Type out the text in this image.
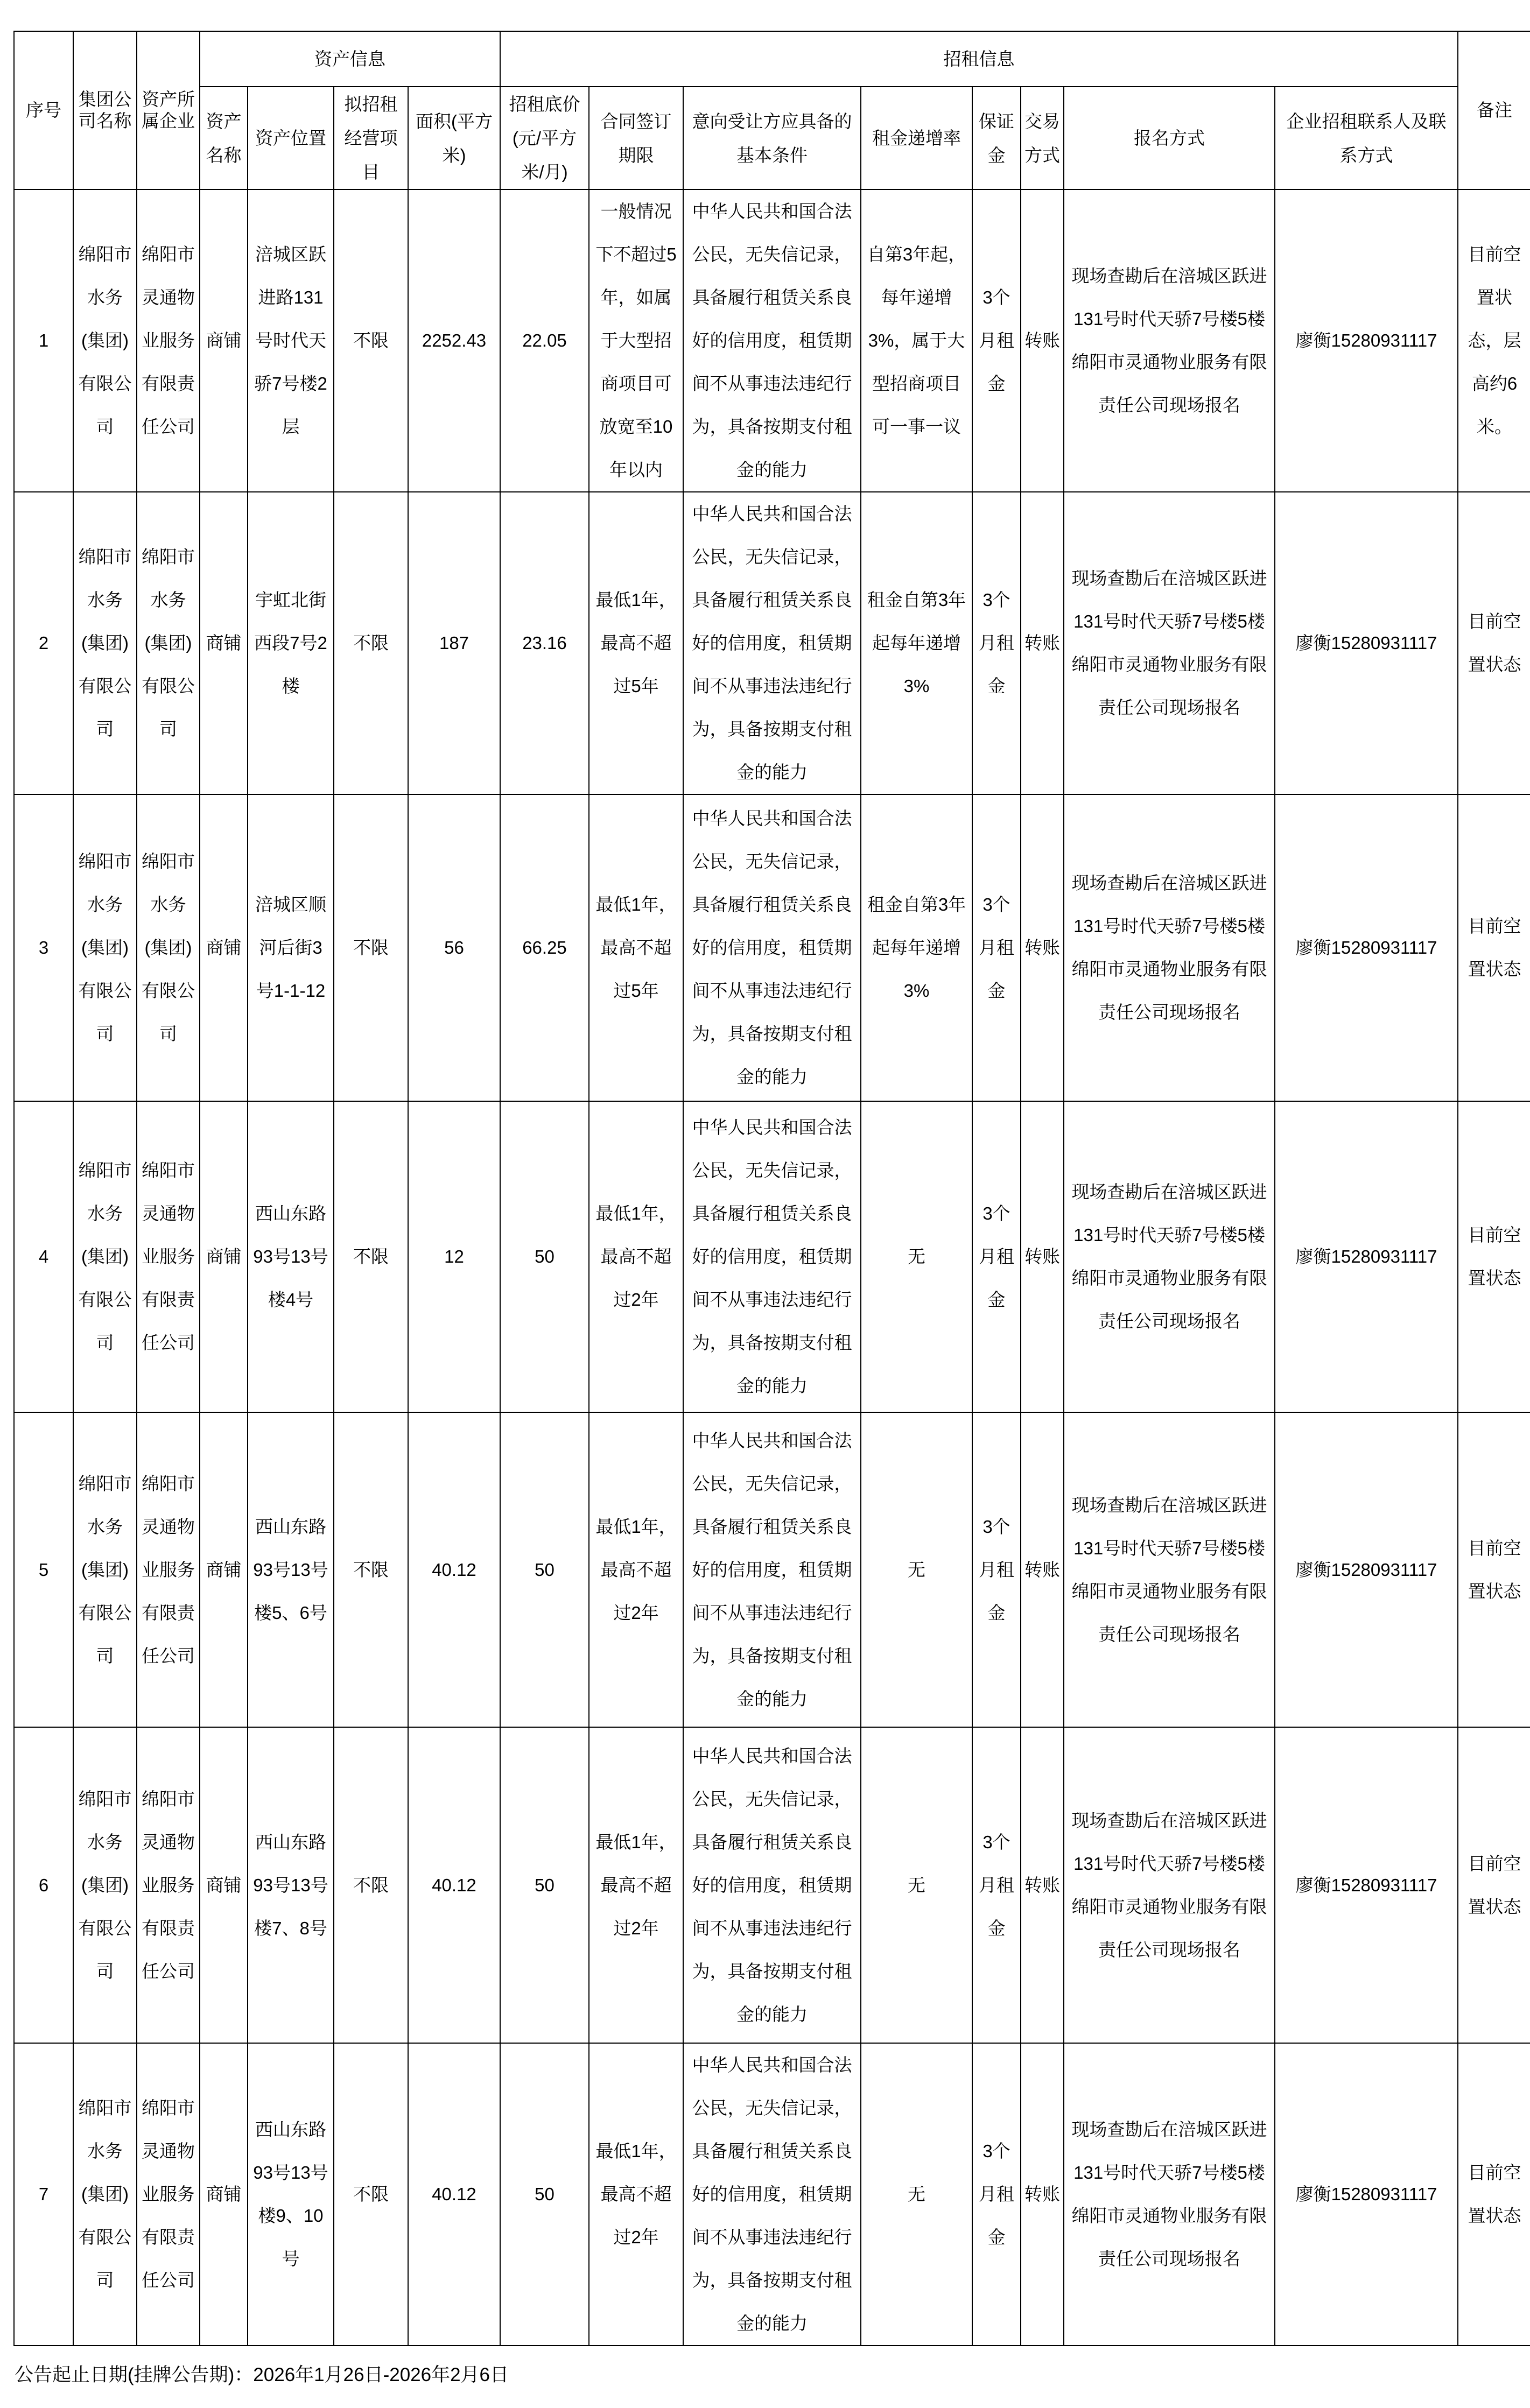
序号	集团公司名称	资产所属企业	资产信息				招租信息								备注
			资产名称	资产位置	拟招租经营项目	面积(平方米)	招租底价(元/平方米/月)	合同签订期限	意向受让方应具备的基本条件	租金递增率	保证金	交易方式	报名方式	企业招租联系人及联系方式	
1	绵阳市水务(集团)有限公司	绵阳市灵通物业服务有限责任公司	商铺	涪城区跃进路131号时代天骄7号楼2层	不限	2252.43	22.05	一般情况下不超过5年，如属于大型招商项目可放宽至10年以内	中华人民共和国合法公民，无失信记录，具备履行租赁关系良好的信用度，租赁期间不从事违法违纪行为，具备按期支付租金的能力	自第3年起，每年递增3%，属于大型招商项目可一事一议	3个月租金	转账	现场查勘后在涪城区跃进131号时代天骄7号楼5楼绵阳市灵通物业服务有限责任公司现场报名	廖衡15280931117	目前空置状态，层高约6米。
2	绵阳市水务(集团)有限公司	绵阳市水务(集团)有限公司	商铺	宇虹北街西段7号2楼	不限	187	23.16	最低1年，最高不超过5年	中华人民共和国合法公民，无失信记录，具备履行租赁关系良好的信用度，租赁期间不从事违法违纪行为，具备按期支付租金的能力	租金自第3年起每年递增3%	3个月租金	转账	现场查勘后在涪城区跃进131号时代天骄7号楼5楼绵阳市灵通物业服务有限责任公司现场报名	廖衡15280931117	目前空置状态
3	绵阳市水务(集团)有限公司	绵阳市水务(集团)有限公司	商铺	涪城区顺河后街3号1-1-12	不限	56	66.25	最低1年，最高不超过5年	中华人民共和国合法公民，无失信记录，具备履行租赁关系良好的信用度，租赁期间不从事违法违纪行为，具备按期支付租金的能力	租金自第3年起每年递增3%	3个月租金	转账	现场查勘后在涪城区跃进131号时代天骄7号楼5楼绵阳市灵通物业服务有限责任公司现场报名	廖衡15280931117	目前空置状态
4	绵阳市水务(集团)有限公司	绵阳市灵通物业服务有限责任公司	商铺	西山东路93号13号楼4号	不限	12	50	最低1年，最高不超过2年	中华人民共和国合法公民，无失信记录，具备履行租赁关系良好的信用度，租赁期间不从事违法违纪行为，具备按期支付租金的能力	无	3个月租金	转账	现场查勘后在涪城区跃进131号时代天骄7号楼5楼绵阳市灵通物业服务有限责任公司现场报名	廖衡15280931117	目前空置状态
5	绵阳市水务(集团)有限公司	绵阳市灵通物业服务有限责任公司	商铺	西山东路93号13号楼5、6号	不限	40.12	50	最低1年，最高不超过2年	中华人民共和国合法公民，无失信记录，具备履行租赁关系良好的信用度，租赁期间不从事违法违纪行为，具备按期支付租金的能力	无	3个月租金	转账	现场查勘后在涪城区跃进131号时代天骄7号楼5楼绵阳市灵通物业服务有限责任公司现场报名	廖衡15280931117	目前空置状态
6	绵阳市水务(集团)有限公司	绵阳市灵通物业服务有限责任公司	商铺	西山东路93号13号楼7、8号	不限	40.12	50	最低1年，最高不超过2年	中华人民共和国合法公民，无失信记录，具备履行租赁关系良好的信用度，租赁期间不从事违法违纪行为，具备按期支付租金的能力	无	3个月租金	转账	现场查勘后在涪城区跃进131号时代天骄7号楼5楼绵阳市灵通物业服务有限责任公司现场报名	廖衡15280931117	目前空置状态
7	绵阳市水务(集团)有限公司	绵阳市灵通物业服务有限责任公司	商铺	西山东路93号13号楼9、10号	不限	40.12	50	最低1年，最高不超过2年	中华人民共和国合法公民，无失信记录，具备履行租赁关系良好的信用度，租赁期间不从事违法违纪行为，具备按期支付租金的能力	无	3个月租金	转账	现场查勘后在涪城区跃进131号时代天骄7号楼5楼绵阳市灵通物业服务有限责任公司现场报名	廖衡15280931117	目前空置状态
公告起止日期(挂牌公告期)：2026年1月26日-2026年2月6日
